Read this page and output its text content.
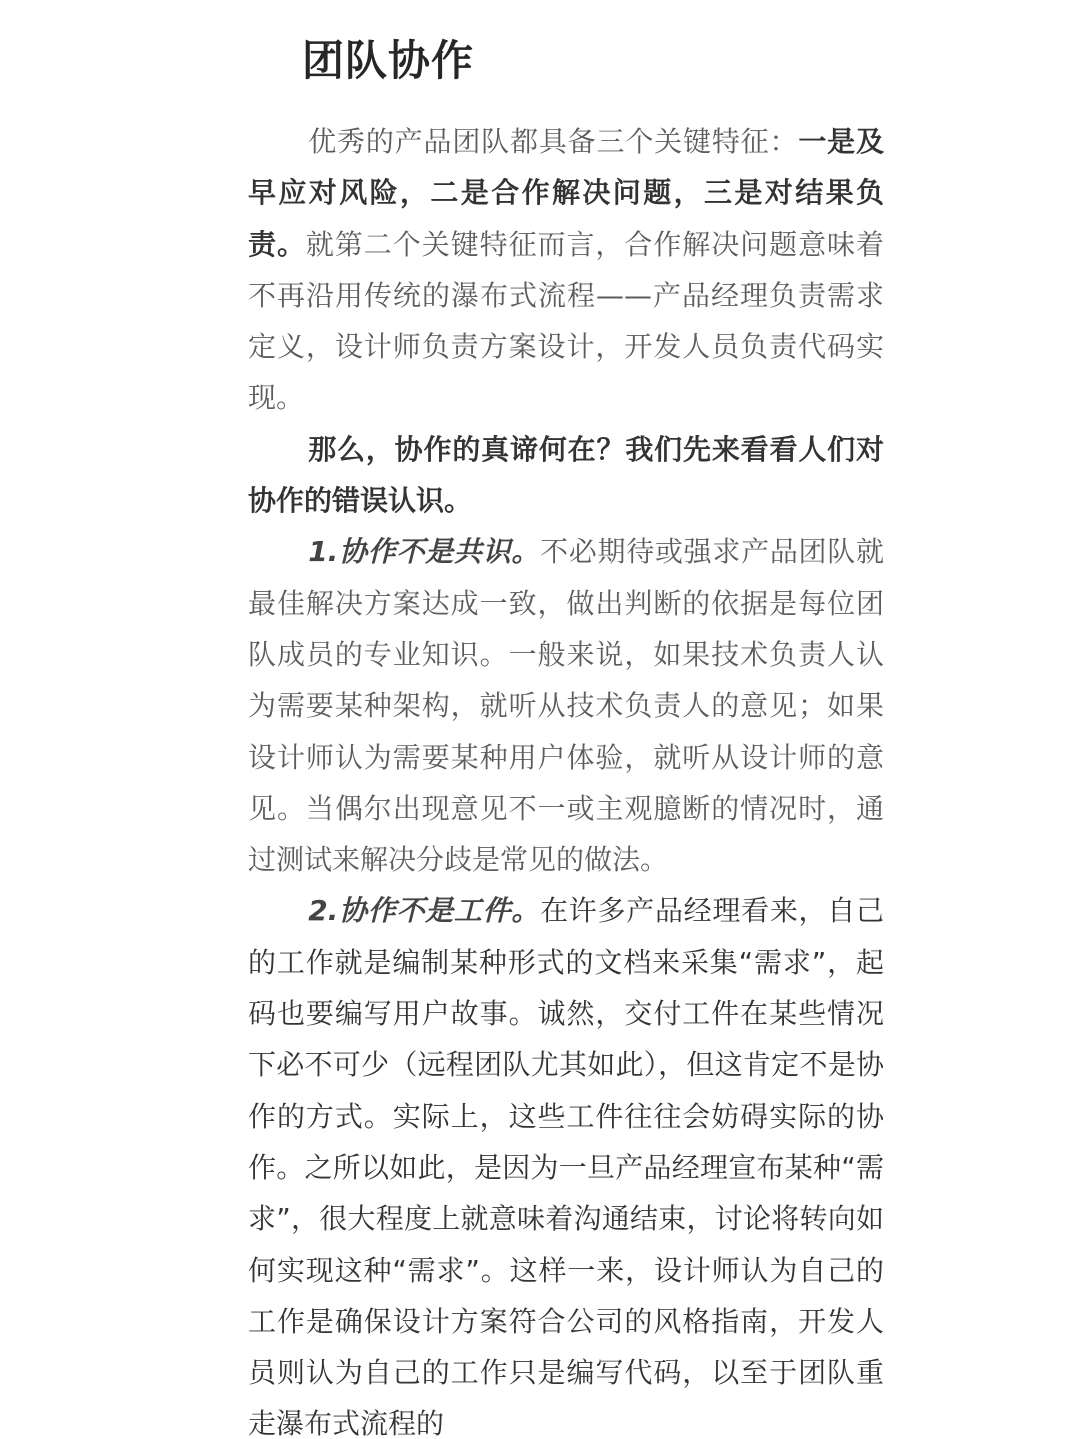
团队协作

优秀的产品团队都具备三个关键特征：一是及早应对风险，二是合作解决问题，三是对结果负责。就第二个关键特征而言，合作解决问题意味着不再沿用传统的瀑布式流程——产品经理负责需求定义，设计师负责方案设计，开发人员负责代码实现。

那么，协作的真谛何在？我们先来看看人们对协作的错误认识。

1.协作不是共识。不必期待或强求产品团队就最佳解决方案达成一致，做出判断的依据是每位团队成员的专业知识。一般来说，如果技术负责人认为需要某种架构，就听从技术负责人的意见；如果设计师认为需要某种用户体验，就听从设计师的意见。当偶尔出现意见不一或主观臆断的情况时，通过测试来解决分歧是常见的做法。

2.协作不是工件。在许多产品经理看来，自己的工作就是编制某种形式的文档来采集“需求”，起码也要编写用户故事。诚然，交付工件在某些情况下必不可少（远程团队尤其如此），但这肯定不是协作的方式。实际上，这些工件往往会妨碍实际的协作。之所以如此，是因为一旦产品经理宣布某种“需求”，很大程度上就意味着沟通结束，讨论将转向如何实现这种“需求”。这样一来，设计师认为自己的工作是确保设计方案符合公司的风格指南，开发人员则认为自己的工作只是编写代码，以至于团队重走瀑布式流程的
